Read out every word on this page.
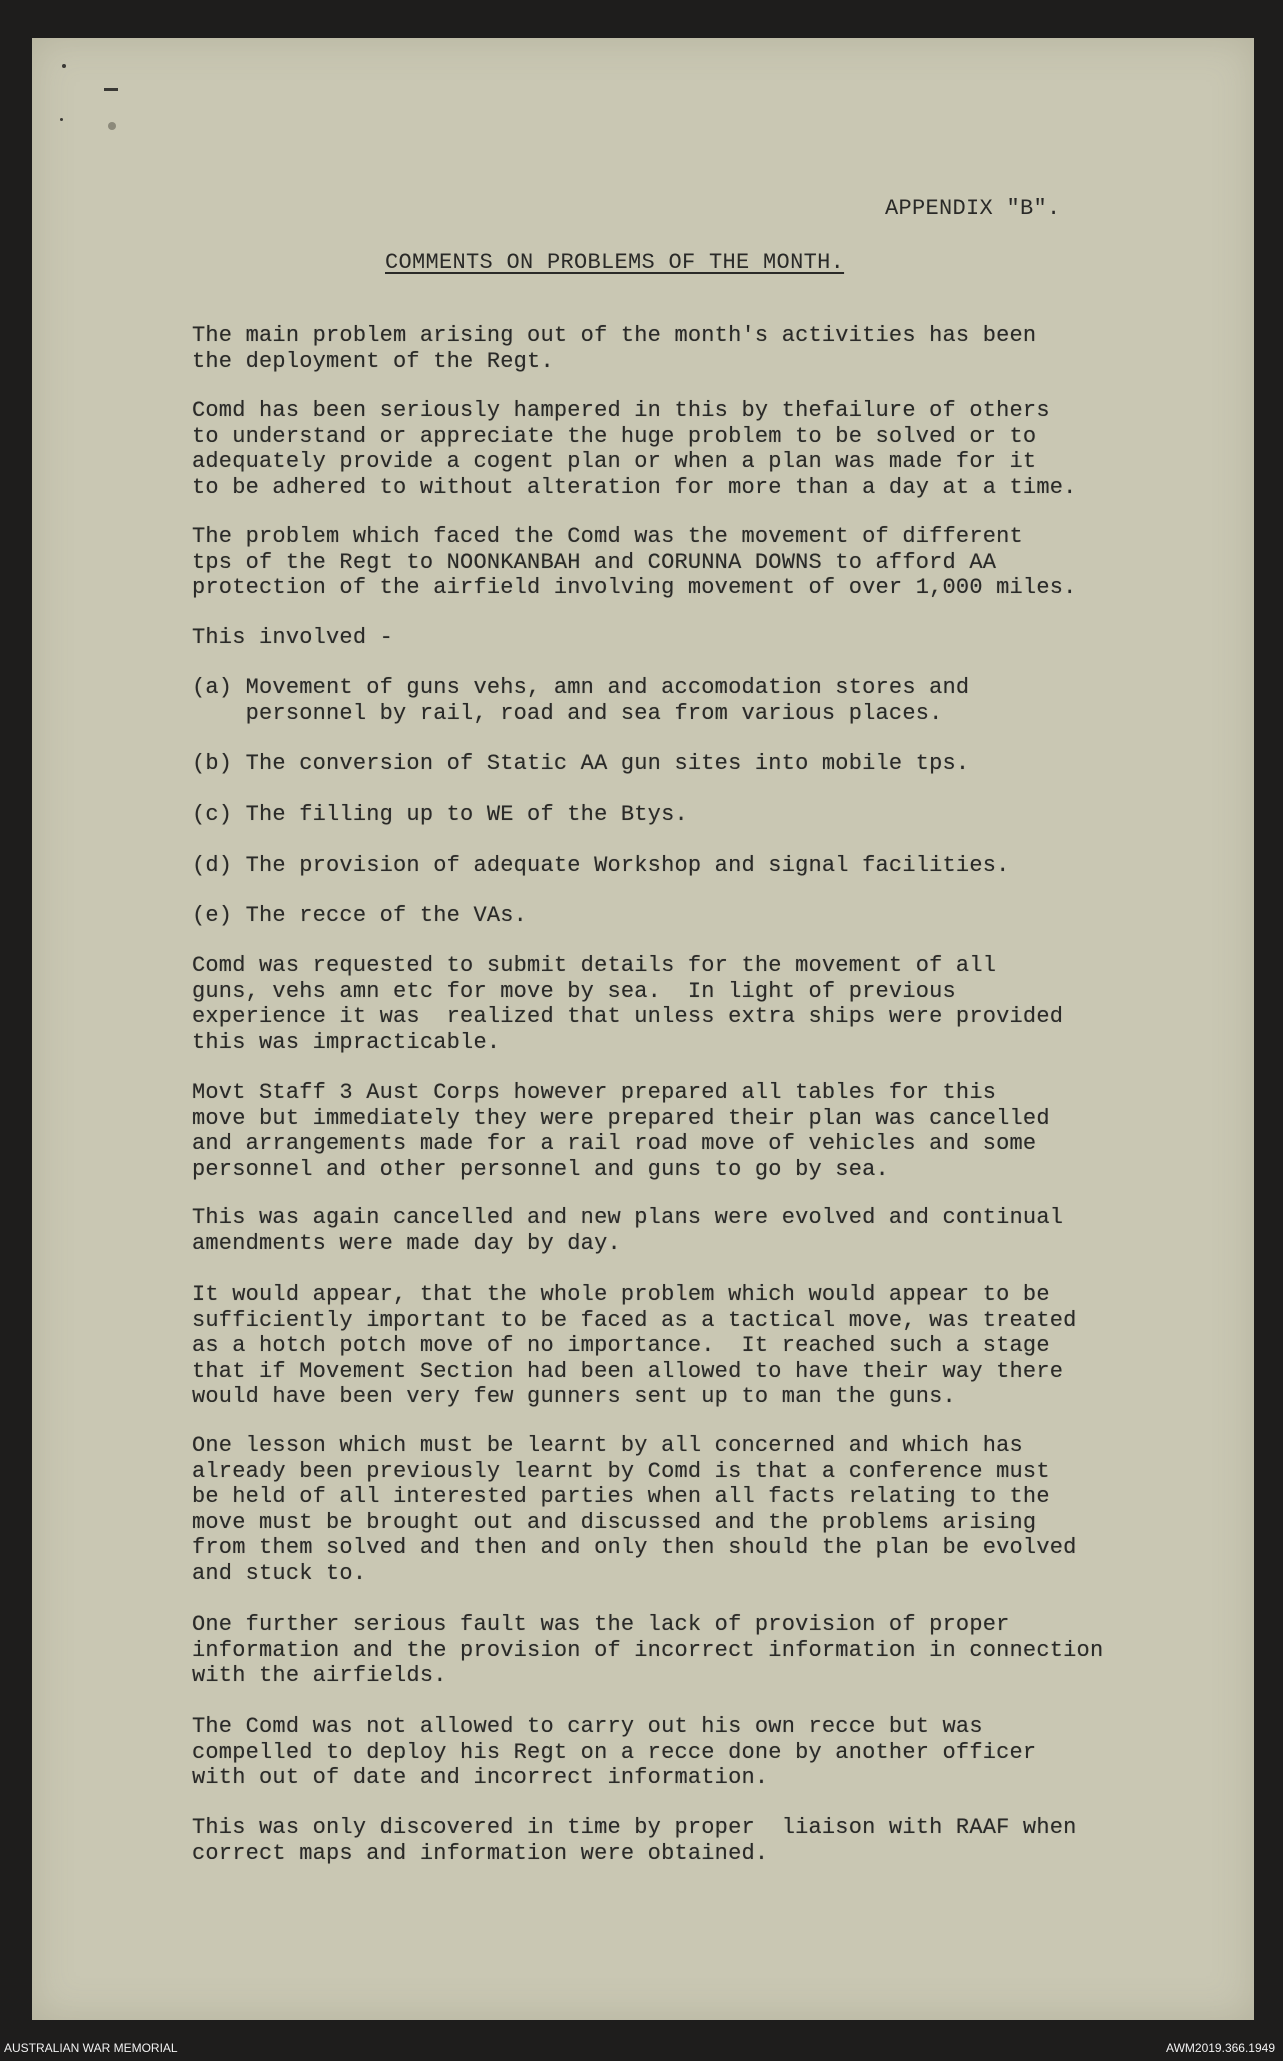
APPENDIX "B".
COMMENTS ON PROBLEMS OF THE MONTH.
The main problem arising out of the month's activities has been
the deployment of the Regt.
Comd has been seriously hampered in this by thefailure of others
to understand or appreciate the huge problem to be solved or to
adequately provide a cogent plan or when a plan was made for it
to be adhered to without alteration for more than a day at a time.
The problem which faced the Comd was the movement of different
tps of the Regt to NOONKANBAH and CORUNNA DOWNS to afford AA
protection of the airfield involving movement of over 1,000 miles.
This involved -
(a) Movement of guns vehs, amn and accomodation stores and
personnel by rail, road and sea from various places.
(b) The conversion of Static AA gun sites into mobile tps.
(c) The filling up to WE of the Btys.
(d) The provision of adequate Workshop and signal facilities.
(e) The recce of the VAs.
Comd was requested to submit details for the movement of all
guns, vehs amn etc for move by sea.  In light of previous
experience it was  realized that unless extra ships were provided
this was impracticable.
Movt Staff 3 Aust Corps however prepared all tables for this
move but immediately they were prepared their plan was cancelled
and arrangements made for a rail road move of vehicles and some
personnel and other personnel and guns to go by sea.
This was again cancelled and new plans were evolved and continual
amendments were made day by day.
It would appear, that the whole problem which would appear to be
sufficiently important to be faced as a tactical move, was treated
as a hotch potch move of no importance.  It reached such a stage
that if Movement Section had been allowed to have their way there
would have been very few gunners sent up to man the guns.
One lesson which must be learnt by all concerned and which has
already been previously learnt by Comd is that a conference must
be held of all interested parties when all facts relating to the
move must be brought out and discussed and the problems arising
from them solved and then and only then should the plan be evolved
and stuck to.
One further serious fault was the lack of provision of proper
information and the provision of incorrect information in connection
with the airfields.
The Comd was not allowed to carry out his own recce but was
compelled to deploy his Regt on a recce done by another officer
with out of date and incorrect information.
This was only discovered in time by proper  liaison with RAAF when
correct maps and information were obtained.
AUSTRALIAN WAR MEMORIAL	AWM2019.366.1949
